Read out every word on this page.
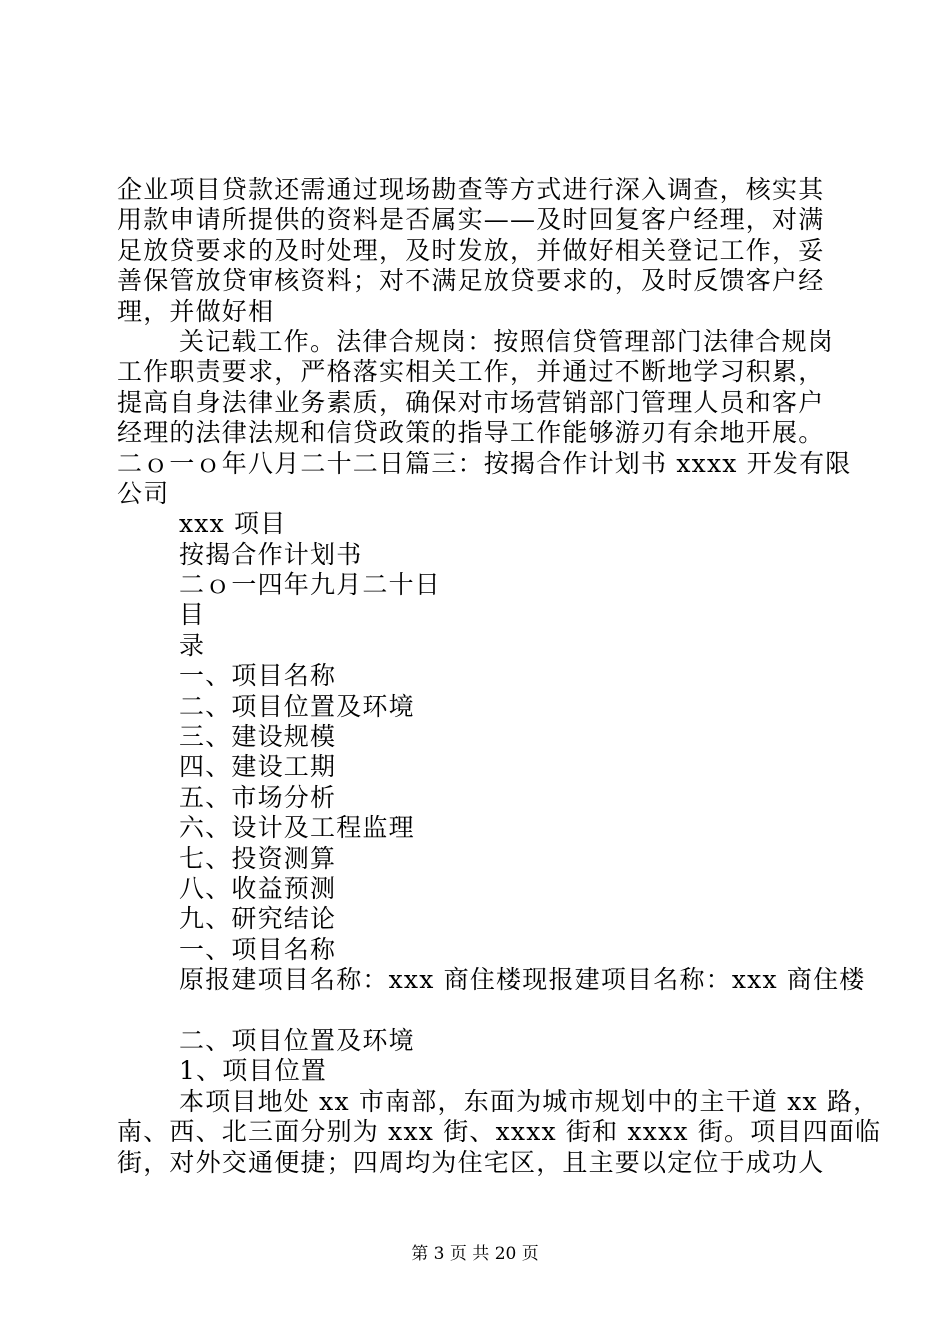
企业项目贷款还需通过现场勘查等方式进行深入调查，核实其
用款申请所提供的资料是否属实——及时回复客户经理，对满
足放贷要求的及时处理，及时发放，并做好相关登记工作，妥
善保管放贷审核资料；对不满足放贷要求的，及时反馈客户经
理，并做好相
关记载工作。法律合规岗：按照信贷管理部门法律合规岗
工作职责要求，严格落实相关工作，并通过不断地学习积累，
提高自身法律业务素质，确保对市场营销部门管理人员和客户
经理的法律法规和信贷政策的指导工作能够游刃有余地开展。
二ｏ一ｏ年八月二十二日篇三：按揭合作计划书 xxxx 开发有限
公司
xxx 项目
按揭合作计划书
二ｏ一四年九月二十日
目
录
一、项目名称
二、项目位置及环境
三、建设规模
四、建设工期
五、市场分析
六、设计及工程监理
七、投资测算
八、收益预测
九、研究结论
一、项目名称
原报建项目名称：xxx 商住楼现报建项目名称：xxx 商住楼
二、项目位置及环境
1、项目位置
本项目地处 xx 市南部，东面为城市规划中的主干道 xx 路，
南、西、北三面分别为 xxx 街、xxxx 街和 xxxx 街。项目四面临
街，对外交通便捷；四周均为住宅区，且主要以定位于成功人
第 3 页 共 20 页
